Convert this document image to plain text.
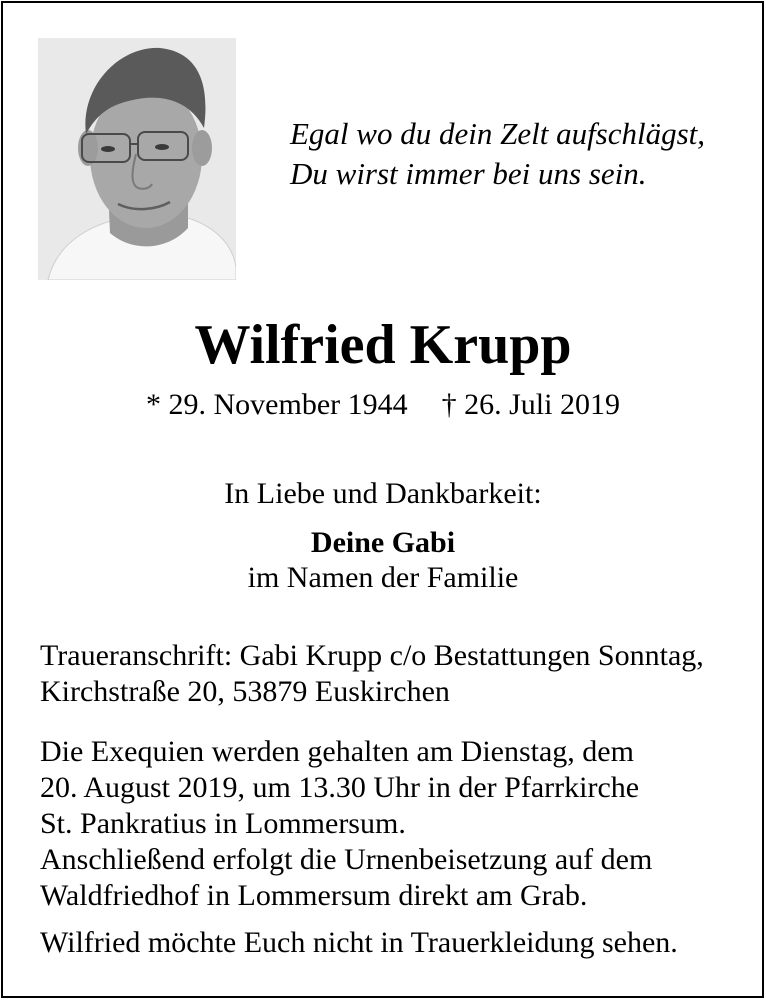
Egal wo du dein Zelt aufschlägst,
Du wirst immer bei uns sein.
Wilfried Krupp
* 29. November 1944 † 26. Juli 2019
In Liebe und Dankbarkeit:
Deine Gabi
im Namen der Familie
Traueranschrift: Gabi Krupp c/o Bestattungen Sonntag,
Kirchstraße 20, 53879 Euskirchen
Die Exequien werden gehalten am Dienstag, dem
20. August 2019, um 13.30 Uhr in der Pfarrkirche
St. Pankratius in Lommersum.
Anschließend erfolgt die Urnenbeisetzung auf dem
Waldfriedhof in Lommersum direkt am Grab.
Wilfried möchte Euch nicht in Trauerkleidung sehen.
